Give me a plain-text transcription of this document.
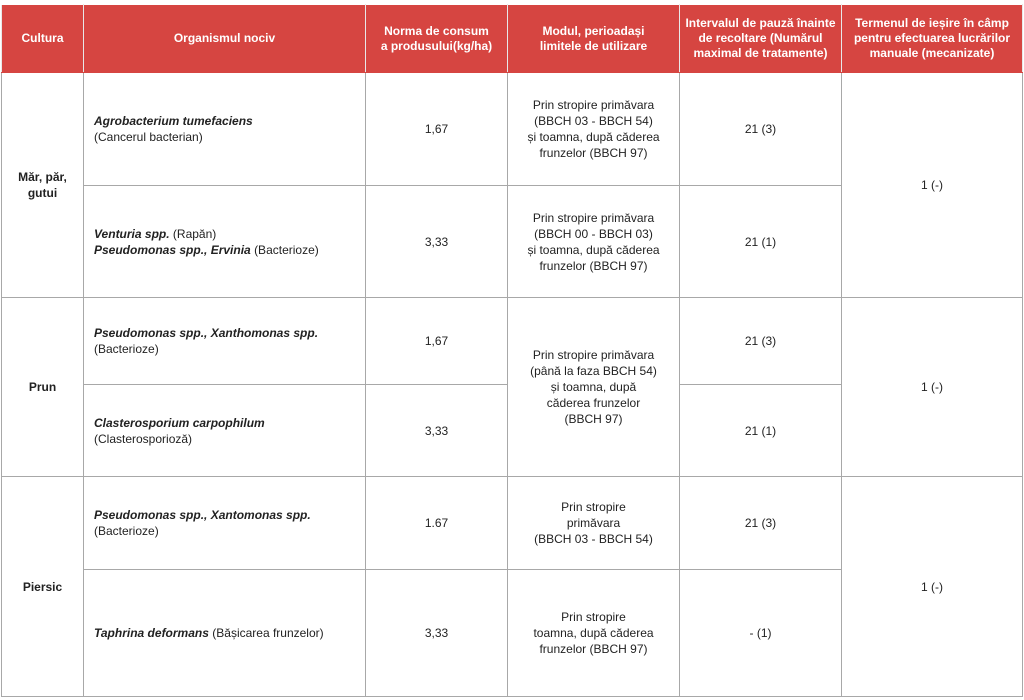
Cultura	Organismul nociv	Norma de consum
a produsului(kg/ha)	Modul, perioadași
limitele de utilizare	Intervalul de pauză înainte
de recoltare (Numărul
maximal de tratamente)	Termenul de ieșire în câmp
pentru efectuarea lucrărilor
manuale (mecanizate)

Măr, păr,
gutui	Agrobacterium tumefaciens
(Cancerul bacterian)	1,67	Prin stropire primăvara
(BBCH 03 - BBCH 54)
și toamna, după căderea
frunzelor (BBCH 97)	21 (3)	1 (-)

	Venturia spp. (Rapăn)
Pseudomonas spp., Ervinia (Bacterioze)	3,33	Prin stropire primăvara
(BBCH 00 - BBCH 03)
și toamna, după căderea
frunzelor (BBCH 97)	21 (1)	
Prun	Pseudomonas spp., Xanthomonas spp.
(Bacterioze)	1,67	Prin stropire primăvara
(până la faza BBCH 54)
și toamna, după
căderea frunzelor
(BBCH 97)	21 (3)	1 (-)

	Clasterosporium carpophilum
(Clasterosporioză)	3,33		21 (1)	
Piersic	Pseudomonas spp., Xantomonas spp.
(Bacterioze)	1.67	Prin stropire
primăvara
(BBCH 03 - BBCH 54)	21 (3)	1 (-)

	Taphrina deformans (Bășicarea frunzelor)	3,33	Prin stropire
toamna, după căderea
frunzelor (BBCH 97)	- (1)	
